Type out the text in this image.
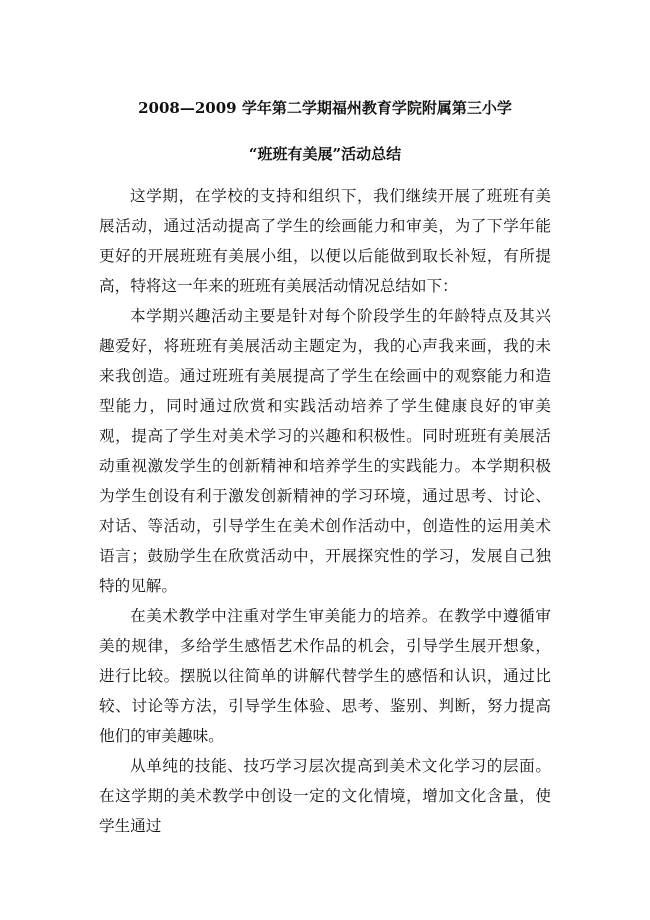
2008—2009 学年第二学期福州教育学院附属第三小学
“班班有美展”活动总结

这学期，在学校的支持和组织下，我们继续开展了班班有美展活动，通过活动提高了学生的绘画能力和审美，为了下学年能更好的开展班班有美展小组，以便以后能做到取长补短，有所提高，特将这一年来的班班有美展活动情况总结如下：

本学期兴趣活动主要是针对每个阶段学生的年龄特点及其兴趣爱好，将班班有美展活动主题定为，我的心声我来画，我的未来我创造。通过班班有美展提高了学生在绘画中的观察能力和造型能力，同时通过欣赏和实践活动培养了学生健康良好的审美观，提高了学生对美术学习的兴趣和积极性。同时班班有美展活动重视激发学生的创新精神和培养学生的实践能力。本学期积极为学生创设有利于激发创新精神的学习环境，通过思考、讨论、对话、等活动，引导学生在美术创作活动中，创造性的运用美术语言；鼓励学生在欣赏活动中，开展探究性的学习，发展自己独特的见解。

在美术教学中注重对学生审美能力的培养。在教学中遵循审美的规律，多给学生感悟艺术作品的机会，引导学生展开想象，进行比较。摆脱以往简单的讲解代替学生的感悟和认识，通过比较、讨论等方法，引导学生体验、思考、鉴别、判断，努力提高他们的审美趣味。

从单纯的技能、技巧学习层次提高到美术文化学习的层面。在这学期的美术教学中创设一定的文化情境，增加文化含量，使学生通过
